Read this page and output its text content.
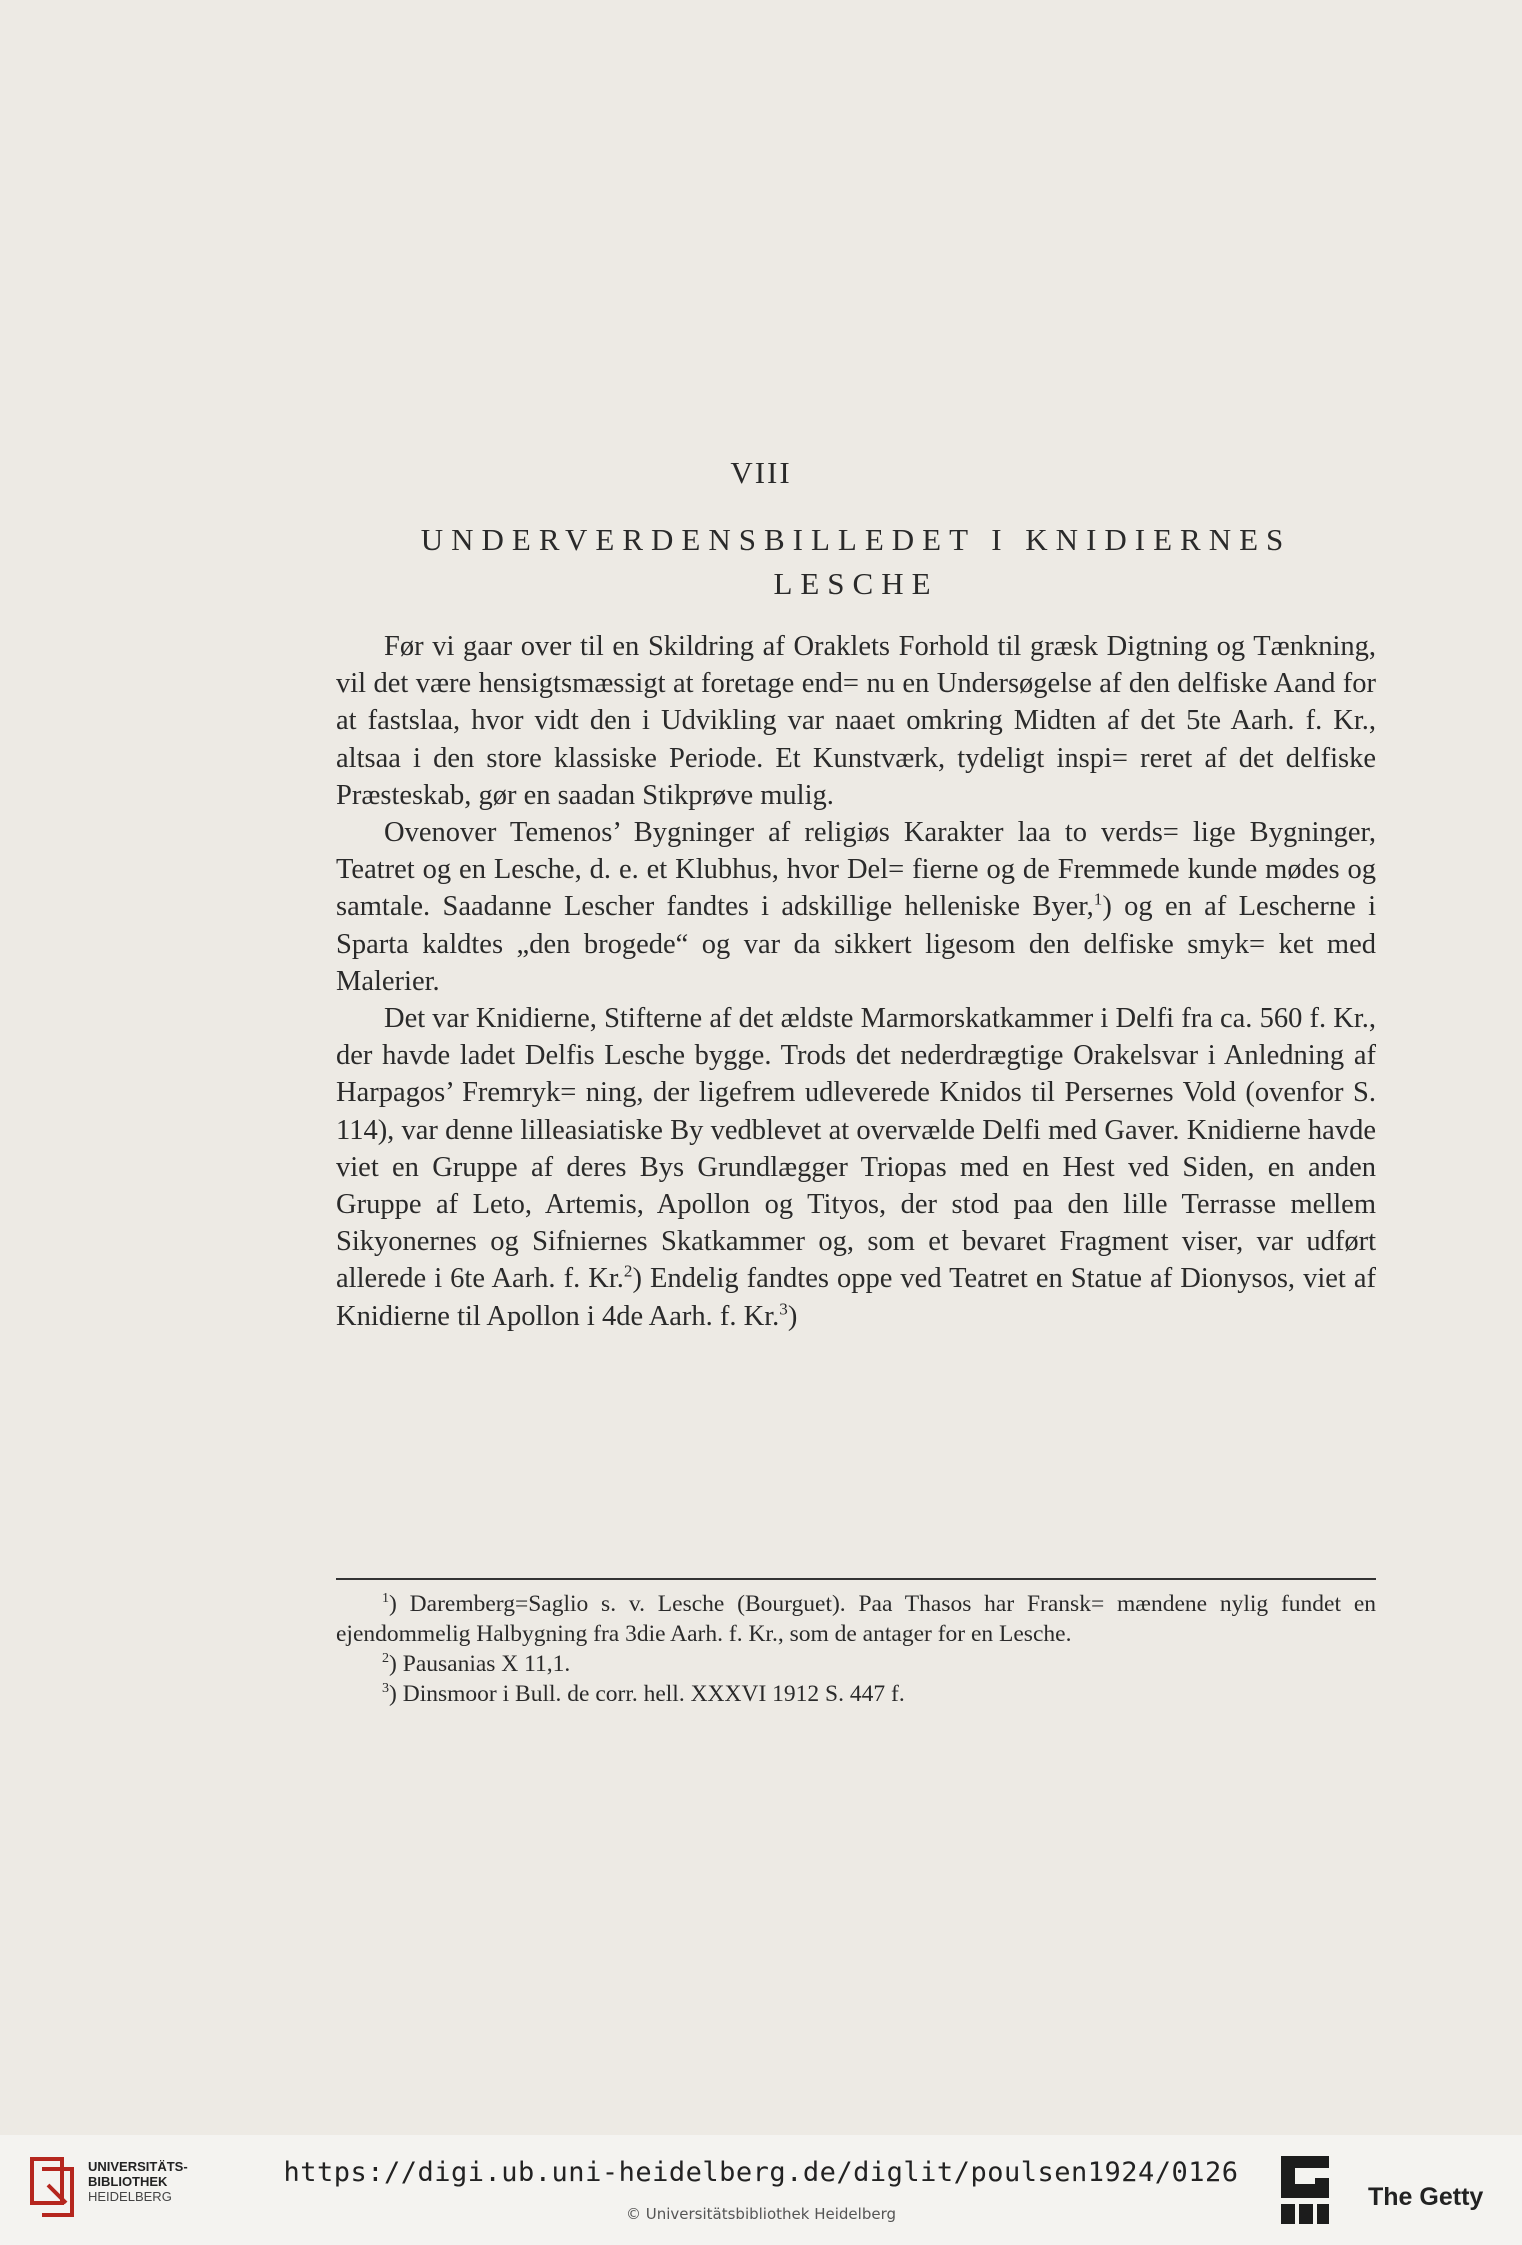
VIII
UNDERVERDENSBILLEDET I KNIDIERNES
LESCHE

Før vi gaar over til en Skildring af Oraklets Forhold til græsk Digtning og Tænkning, vil det være hensigtsmæssigt at foretage end= nu en Undersøgelse af den delfiske Aand for at fastslaa, hvor vidt den i Udvikling var naaet omkring Midten af det 5te Aarh. f. Kr., altsaa i den store klassiske Periode. Et Kunstværk, tydeligt inspi= reret af det delfiske Præsteskab, gør en saadan Stikprøve mulig.

Ovenover Temenos’ Bygninger af religiøs Karakter laa to verds= lige Bygninger, Teatret og en Lesche, d. e. et Klubhus, hvor Del= fierne og de Fremmede kunde mødes og samtale. Saadanne Lescher fandtes i adskillige helleniske Byer,$^1$) og en af Lescherne i Sparta kaldtes „den brogede“ og var da sikkert ligesom den delfiske smyk= ket med Malerier.

Det var Knidierne, Stifterne af det ældste Marmorskatkammer i Delfi fra ca. 560 f. Kr., der havde ladet Delfis Lesche bygge. Trods det nederdrægtige Orakelsvar i Anledning af Harpagos’ Fremryk= ning, der ligefrem udleverede Knidos til Persernes Vold (ovenfor S. 114), var denne lilleasiatiske By vedblevet at overvælde Delfi med Gaver. Knidierne havde viet en Gruppe af deres Bys Grundlægger Triopas med en Hest ved Siden, en anden Gruppe af Leto, Artemis, Apollon og Tityos, der stod paa den lille Terrasse mellem Sikyonernes og Sifniernes Skatkammer og, som et bevaret Fragment viser, var udført allerede i 6te Aarh. f. Kr.$^2$) Endelig fandtes oppe ved Teatret en Statue af Dionysos, viet af Knidierne til Apollon i 4de Aarh. f. Kr.$^3$)

$^1$) Daremberg=Saglio s. v. Lesche (Bourguet). Paa Thasos har Fransk= mændene nylig fundet en ejendommelig Halbygning fra 3die Aarh. f. Kr., som de antager for en Lesche.

$^2$) Pausanias X 11,1.

$^3$) Dinsmoor i Bull. de corr. hell. XXXVI 1912 S. 447 f.

UNIVERSITÄTS-
BIBLIOTHEK
HEIDELBERG
https://digi.ub.uni-heidelberg.de/diglit/poulsen1924/0126
© Universitätsbibliothek Heidelberg
The Getty
